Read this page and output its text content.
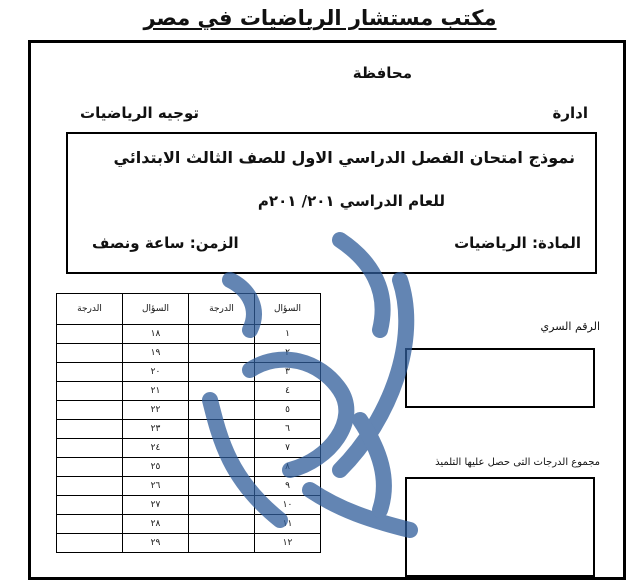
مكتب مستشار الرياضيات في مصر
محافظة
ادارة
توجيه الرياضيات
نموذج امتحان الفصل الدراسي الاول للصف الثالث الابتدائي
للعام الدراسي ٢٠١/ ٢٠١م
المادة: الرياضيات
الزمن: ساعة ونصف
السؤال	الدرجة	السؤال	الدرجة
١		١٨	
٢		١٩	
٣		٢٠	
٤		٢١	
٥		٢٢	
٦		٢٣	
٧		٢٤	
٨		٢٥	
٩		٢٦	
١٠		٢٧	
١١		٢٨	
١٢		٢٩	
الرقم السري
مجموع الدرجات التى حصل عليها التلميذ
